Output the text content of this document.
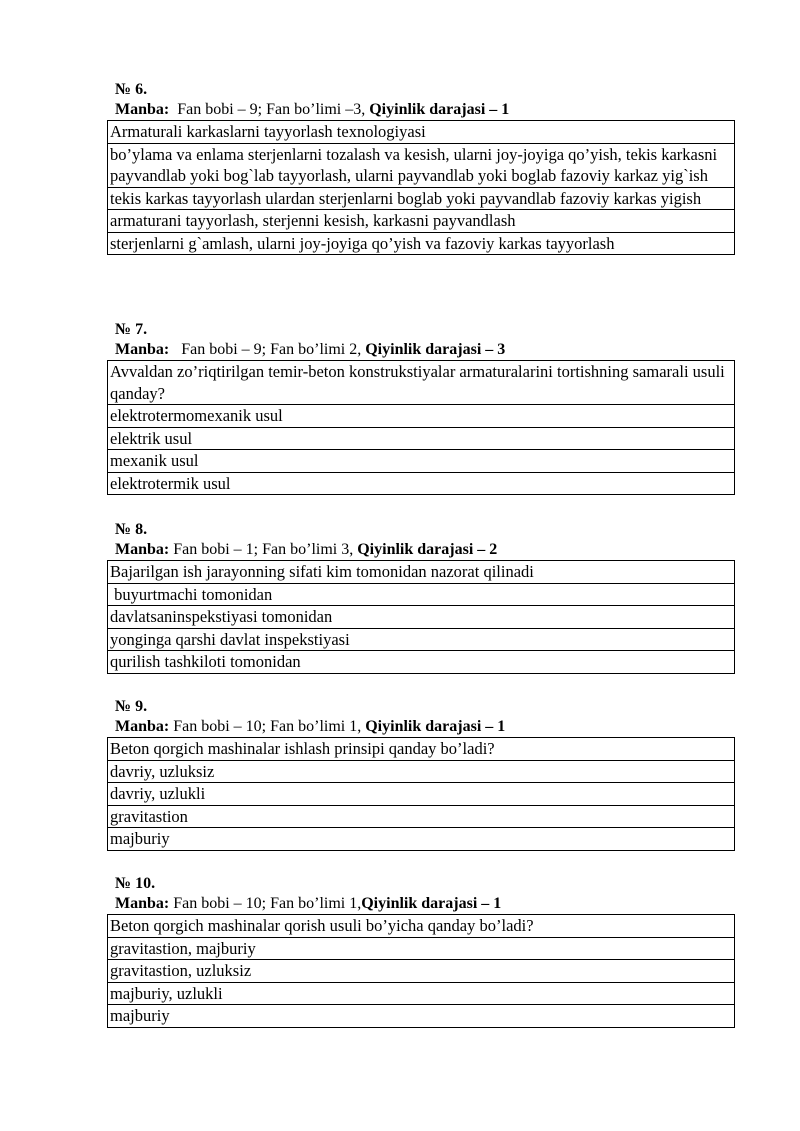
№ 6.
Manba:  Fan bobi – 9; Fan bo’limi –3, Qiyinlik darajasi – 1
Armaturali karkaslarni tayyorlash texnologiyasi
bo’ylama va enlama sterjenlarni tozalash va kesish, ularni joy-joyiga qo’yish, tekis karkasni payvandlab yoki bog`lab tayyorlash, ularni payvandlab yoki boglab fazoviy karkaz yig`ish
tekis karkas tayyorlash ulardan sterjenlarni boglab yoki payvandlab fazoviy karkas yigish
armaturani tayyorlash, sterjenni kesish, karkasni payvandlash
sterjenlarni g`amlash, ularni joy-joyiga qo’yish va fazoviy karkas tayyorlash
№ 7.
Manba:   Fan bobi – 9; Fan bo’limi 2, Qiyinlik darajasi – 3
Avvaldan zo’riqtirilgan temir-beton konstrukstiyalar armaturalarini tortishning samarali usuli qanday?
elektrotermomexanik usul
elektrik usul
mexanik usul
elektrotermik usul
№ 8.
Manba: Fan bobi – 1; Fan bo’limi 3, Qiyinlik darajasi – 2
Bajarilgan ish jarayonning sifati kim tomonidan nazorat qilinadi
buyurtmachi tomonidan
davlatsaninspekstiyasi tomonidan
yonginga qarshi davlat inspekstiyasi
qurilish tashkiloti tomonidan
№ 9.
Manba: Fan bobi – 10; Fan bo’limi 1, Qiyinlik darajasi – 1
Beton qorgich mashinalar ishlash prinsipi qanday bo’ladi?
davriy, uzluksiz
davriy, uzlukli
gravitastion
majburiy
№ 10.
Manba: Fan bobi – 10; Fan bo’limi 1,Qiyinlik darajasi – 1
Beton qorgich mashinalar qorish usuli bo’yicha qanday bo’ladi?
gravitastion, majburiy
gravitastion, uzluksiz
majburiy, uzlukli
majburiy
